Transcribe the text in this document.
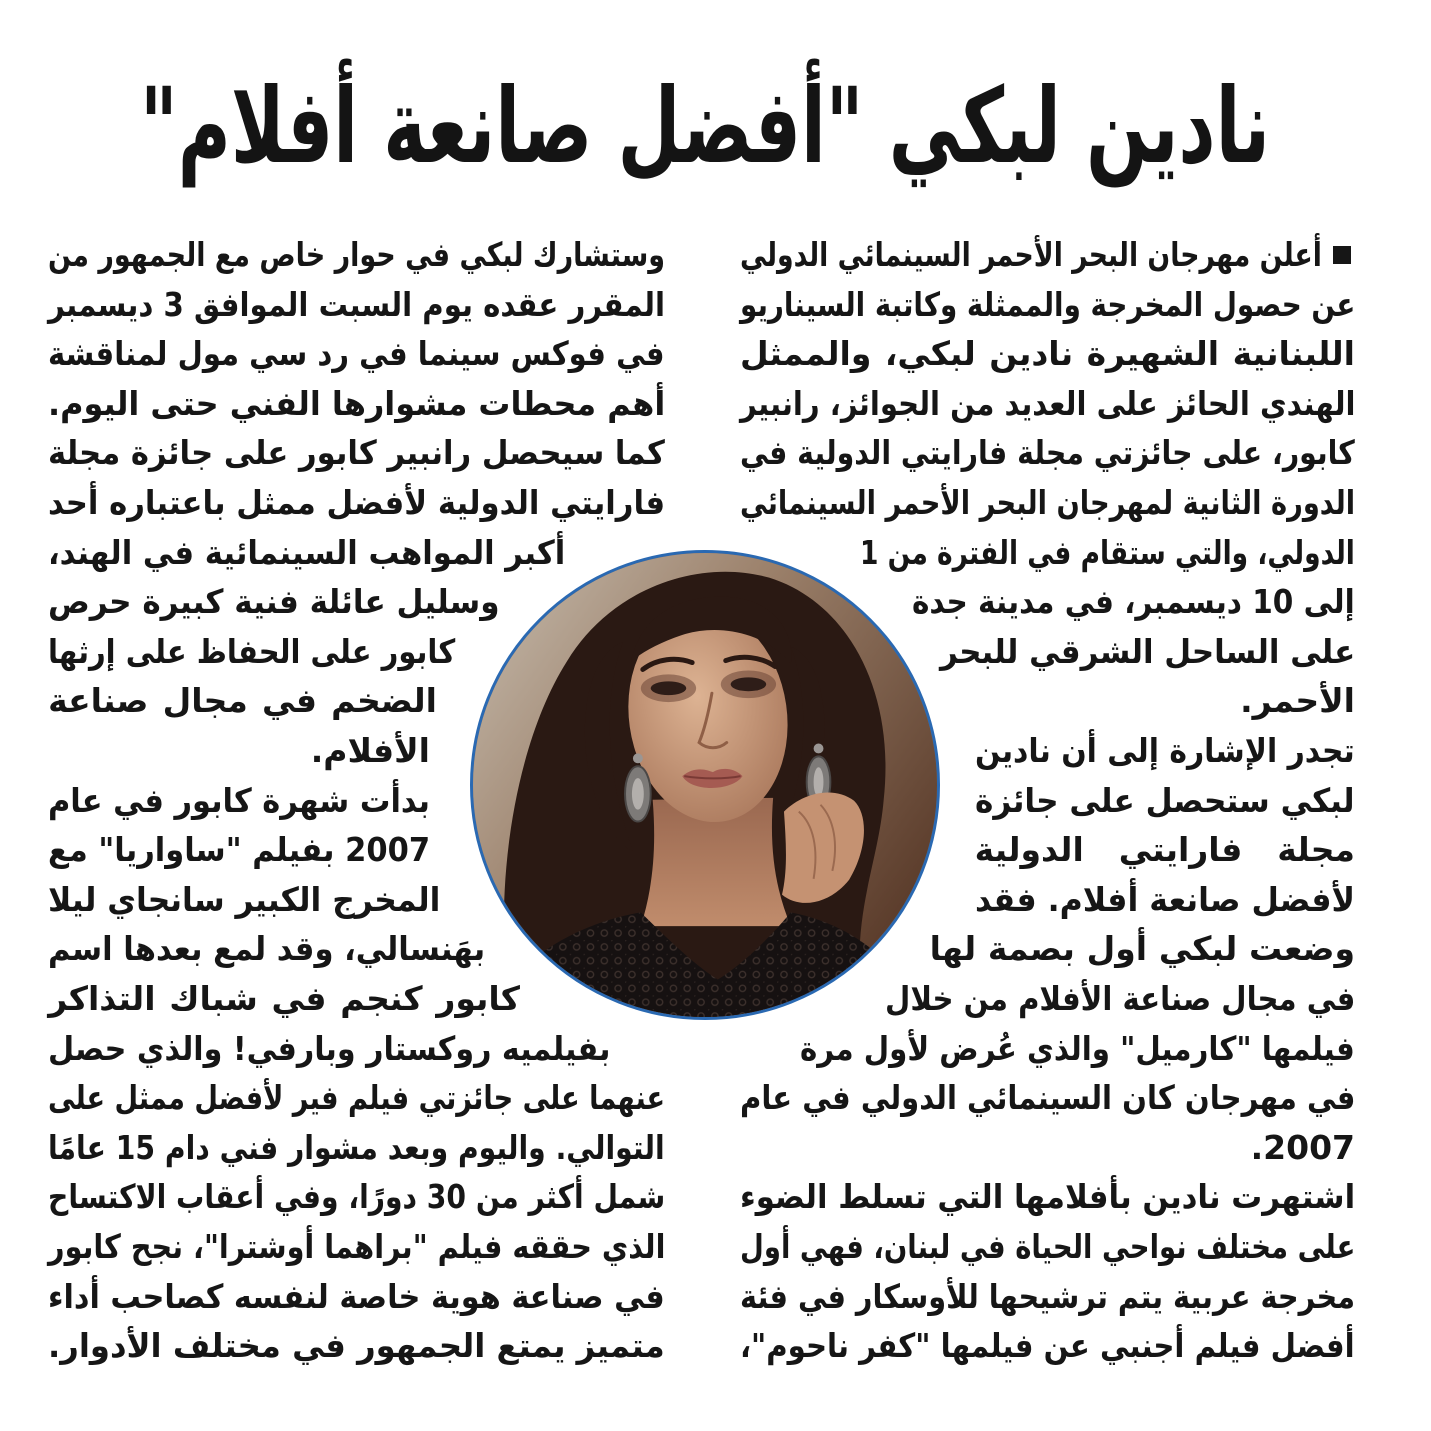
نادين لبكي "أفضل صانعة أفلام"
أعلن مهرجان البحر الأحمر السينمائي الدولي
عن حصول المخرجة والممثلة وكاتبة السيناريو
اللبنانية الشهيرة نادين لبكي، والممثل
الهندي الحائز على العديد من الجوائز، رانبير
كابور، على جائزتي مجلة فارايتي الدولية في
الدورة الثانية لمهرجان البحر الأحمر السينمائي
الدولي، والتي ستقام في الفترة من 1
إلى 10 ديسمبر، في مدينة جدة
على الساحل الشرقي للبحر
الأحمر.
تجدر الإشارة إلى أن نادين
لبكي ستحصل على جائزة
مجلة فارايتي الدولية
لأفضل صانعة أفلام. فقد
وضعت لبكي أول بصمة لها
في مجال صناعة الأفلام من خلال
فيلمها "كارميل" والذي عُرض لأول مرة
في مهرجان كان السينمائي الدولي في عام
2007.
اشتهرت نادين بأفلامها التي تسلط الضوء
على مختلف نواحي الحياة في لبنان، فهي أول
مخرجة عربية يتم ترشيحها للأوسكار في فئة
أفضل فيلم أجنبي عن فيلمها "كفر ناحوم"،
وستشارك لبكي في حوار خاص مع الجمهور من
المقرر عقده يوم السبت الموافق 3 ديسمبر
في فوكس سينما في رد سي مول لمناقشة
أهم محطات مشوارها الفني حتى اليوم.
كما سيحصل رانبير كابور على جائزة مجلة
فارايتي الدولية لأفضل ممثل باعتباره أحد
أكبر المواهب السينمائية في الهند،
وسليل عائلة فنية كبيرة حرص
كابور على الحفاظ على إرثها
الضخم في مجال صناعة
الأفلام.
بدأت شهرة كابور في عام
2007 بفيلم "ساواريا" مع
المخرج الكبير سانجاي ليلا
بهَنسالي، وقد لمع بعدها اسم
كابور كنجم في شباك التذاكر
بفيلميه روكستار وبارفي! والذي حصل
عنهما على جائزتي فيلم فير لأفضل ممثل على
التوالي. واليوم وبعد مشوار فني دام 15 عامًا
شمل أكثر من 30 دورًا، وفي أعقاب الاكتساح
الذي حققه فيلم "براهما أوشترا"، نجح كابور
في صناعة هوية خاصة لنفسه كصاحب أداء
متميز يمتع الجمهور في مختلف الأدوار.
